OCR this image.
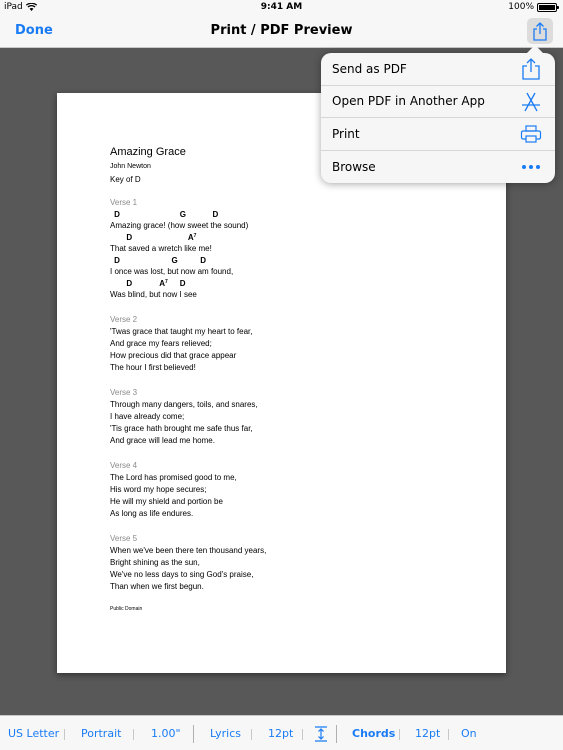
iPad	9:41 AM	100%
Done	Print / PDF Preview
Amazing Grace
John Newton
Key of D
Verse 1
Amazing grace! (how sweet the sound)
D	G	D
That saved a wretch like me!
D	$A^7$
I once was lost, but now am found,
D	G	D
Was blind, but now I see
D	$A^7$ D
Verse 2
'Twas grace that taught my heart to fear,
And grace my fears relieved;
How precious did that grace appear
The hour I first believed!
Verse 3
Through many dangers, toils, and snares,
I have already come;
'Tis grace hath brought me safe thus far,
And grace will lead me home.
Verse 4
The Lord has promised good to me,
His word my hope secures;
He will my shield and portion be
As long as life endures.
Verse 5
When we've been there ten thousand years,
Bright shining as the sun,
We've no less days to sing God's praise,
Than when we first begun.
Public Domain
Send as PDF
Open PDF in Another App
Print
Browse
US Letter Portrait	1.00"	Lyrics 12pt	Chords 12pt On
